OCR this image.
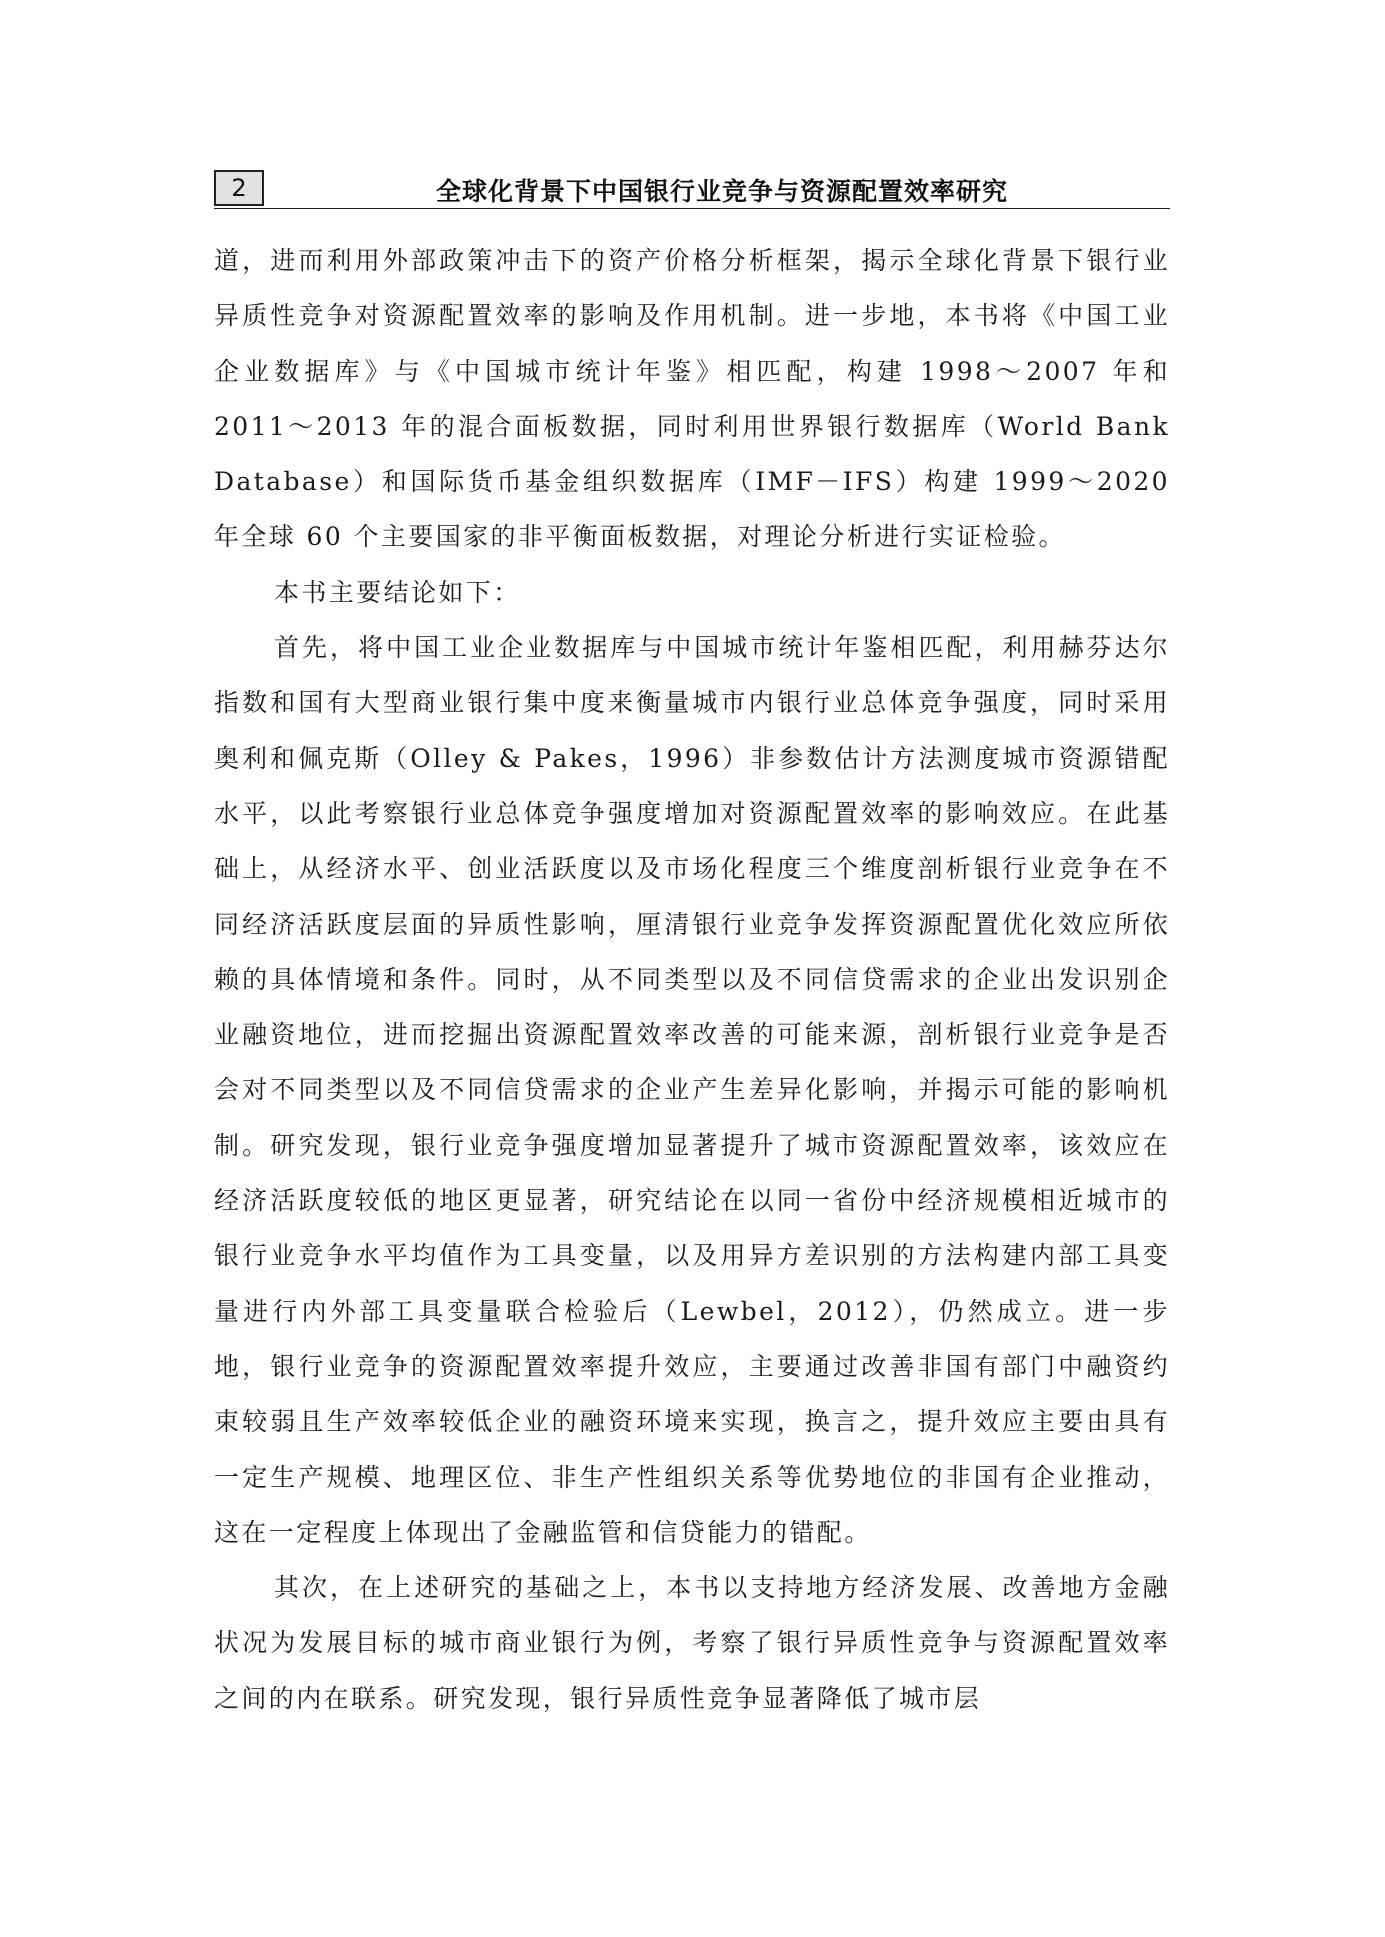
2	全球化背景下中国银行业竞争与资源配置效率研究

道，进而利用外部政策冲击下的资产价格分析框架，揭示全球化背景下银行业异质性竞争对资源配置效率的影响及作用机制。进一步地，本书将《中国工业企业数据库》与《中国城市统计年鉴》相匹配，构建 1998～2007 年和 2011～2013 年的混合面板数据，同时利用世界银行数据库（World Bank Database）和国际货币基金组织数据库（IMF－IFS）构建 1999～2020 年全球 60 个主要国家的非平衡面板数据，对理论分析进行实证检验。

本书主要结论如下：

首先，将中国工业企业数据库与中国城市统计年鉴相匹配，利用赫芬达尔指数和国有大型商业银行集中度来衡量城市内银行业总体竞争强度，同时采用奥利和佩克斯（Olley & Pakes，1996）非参数估计方法测度城市资源错配水平，以此考察银行业总体竞争强度增加对资源配置效率的影响效应。在此基础上，从经济水平、创业活跃度以及市场化程度三个维度剖析银行业竞争在不同经济活跃度层面的异质性影响，厘清银行业竞争发挥资源配置优化效应所依赖的具体情境和条件。同时，从不同类型以及不同信贷需求的企业出发识别企业融资地位，进而挖掘出资源配置效率改善的可能来源，剖析银行业竞争是否会对不同类型以及不同信贷需求的企业产生差异化影响，并揭示可能的影响机制。研究发现，银行业竞争强度增加显著提升了城市资源配置效率，该效应在经济活跃度较低的地区更显著，研究结论在以同一省份中经济规模相近城市的银行业竞争水平均值作为工具变量，以及用异方差识别的方法构建内部工具变量进行内外部工具变量联合检验后（Lewbel，2012），仍然成立。进一步地，银行业竞争的资源配置效率提升效应，主要通过改善非国有部门中融资约束较弱且生产效率较低企业的融资环境来实现，换言之，提升效应主要由具有一定生产规模、地理区位、非生产性组织关系等优势地位的非国有企业推动，这在一定程度上体现出了金融监管和信贷能力的错配。

其次，在上述研究的基础之上，本书以支持地方经济发展、改善地方金融状况为发展目标的城市商业银行为例，考察了银行异质性竞争与资源配置效率之间的内在联系。研究发现，银行异质性竞争显著降低了城市层
